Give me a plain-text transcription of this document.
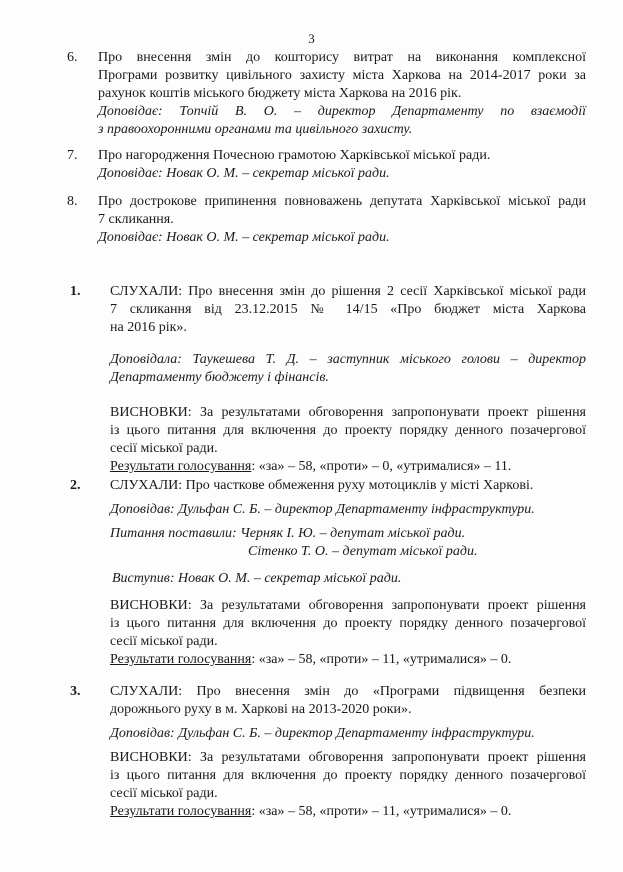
3
6. Про внесення змін до кошторису витрат на виконання комплексної
Програми розвитку цивільного захисту міста Харкова на 2014-2017 роки за
рахунок коштів міського бюджету міста Харкова на 2016 рік.
Доповідає: Топчій В. О. – директор Департаменту по взаємодії
з правоохоронними органами та цивільного захисту.
7. Про нагородження Почесною грамотою Харківської міської ради.
Доповідає: Новак О. М. – секретар міської ради.
8. Про дострокове припинення повноважень депутата Харківської міської ради
7 скликання.
Доповідає: Новак О. М. – секретар міської ради.
1. СЛУХАЛИ: Про внесення змін до рішення 2 сесії Харківської міської ради
7 скликання від 23.12.2015 № 14/15 «Про бюджет міста Харкова
на 2016 рік».
Доповідала: Таукешева Т. Д. – заступник міського голови – директор
Департаменту бюджету і фінансів.
ВИСНОВКИ: За результатами обговорення запропонувати проект рішення
із цього питання для включення до проекту порядку денного позачергової
сесії міської ради.
Результати голосування: «за» – 58, «проти» – 0, «утрималися» – 11.
2. СЛУХАЛИ: Про часткове обмеження руху мотоциклів у місті Харкові.
Доповідав: Дульфан С. Б. – директор Департаменту інфраструктури.
Питання поставили: Черняк І. Ю. – депутат міської ради.
Сітенко Т. О. – депутат міської ради.
Виступив: Новак О. М. – секретар міської ради.
ВИСНОВКИ: За результатами обговорення запропонувати проект рішення
із цього питання для включення до проекту порядку денного позачергової
сесії міської ради.
Результати голосування: «за» – 58, «проти» – 11, «утрималися» – 0.
3. СЛУХАЛИ: Про внесення змін до «Програми підвищення безпеки
дорожнього руху в м. Харкові на 2013-2020 роки».
Доповідав: Дульфан С. Б. – директор Департаменту інфраструктури.
ВИСНОВКИ: За результатами обговорення запропонувати проект рішення
із цього питання для включення до проекту порядку денного позачергової
сесії міської ради.
Результати голосування: «за» – 58, «проти» – 11, «утрималися» – 0.
